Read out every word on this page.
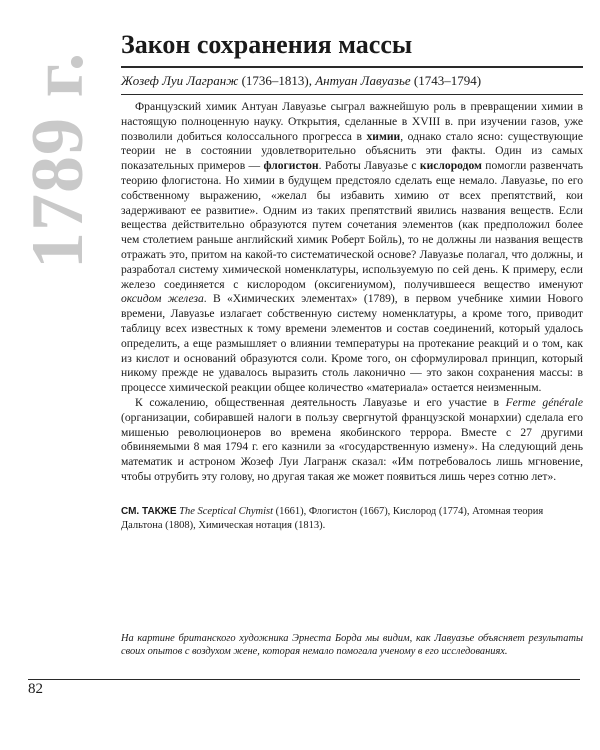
1789 г.
Закон сохранения массы
Жозеф Луи Лагранж (1736–1813), Антуан Лавуазье (1743–1794)

Французский химик Антуан Лавуазье сыграл важнейшую роль в превращении химии в настоящую полноценную науку. Открытия, сделанные в XVIII в. при изучении газов, уже позволили добиться колоссального прогресса в химии, однако стало ясно: существующие теории не в состоянии удовлетворительно объяснить эти факты. Один из самых показательных примеров — флогистон. Работы Лавуазье с кислородом помогли развенчать теорию флогистона. Но химии в будущем предстояло сделать еще немало. Лавуазье, по его собственному выражению, «желал бы избавить химию от всех препятствий, кои задерживают ее развитие». Одним из таких препятствий явились названия веществ. Если вещества действительно образуются путем сочетания элементов (как предположил более чем столетием раньше английский химик Роберт Бойль), то не должны ли названия веществ отражать это, притом на какой-то систематической основе? Лавуазье полагал, что должны, и разработал систему химической номенклатуры, используемую по сей день. К примеру, если железо соединяется с кислородом (оксигениумом), получившееся вещество именуют оксидом железа. В «Химических элементах» (1789), в первом учебнике химии Нового времени, Лавуазье излагает собственную систему номенклатуры, а кроме того, приводит таблицу всех известных к тому времени элементов и состав соединений, который удалось определить, а еще размышляет о влиянии температуры на протекание реакций и о том, как из кислот и оснований образуются соли. Кроме того, он сформулировал принцип, который никому прежде не удавалось выразить столь лаконично — это закон сохранения массы: в процессе химической реакции общее количество «материала» остается неизменным.

К сожалению, общественная деятельность Лавуазье и его участие в Ferme générale (организации, собиравшей налоги в пользу свергнутой французской монархии) сделала его мишенью революционеров во времена якобинского террора. Вместе с 27 другими обвиняемыми 8 мая 1794 г. его казнили за «государственную измену». На следующий день математик и астроном Жозеф Луи Лагранж сказал: «Им потребовалось лишь мгновение, чтобы отрубить эту голову, но другая такая же может появиться лишь через сотню лет».

СМ. ТАКЖЕ The Sceptical Chymist (1661), Флогистон (1667), Кислород (1774), Атомная теория Дальтона (1808), Химическая нотация (1813).
На картине британского художника Эрнеста Борда мы видим, как Лавуазье объясняет результаты своих опытов с воздухом жене, которая немало помогала ученому в его исследованиях.
82
